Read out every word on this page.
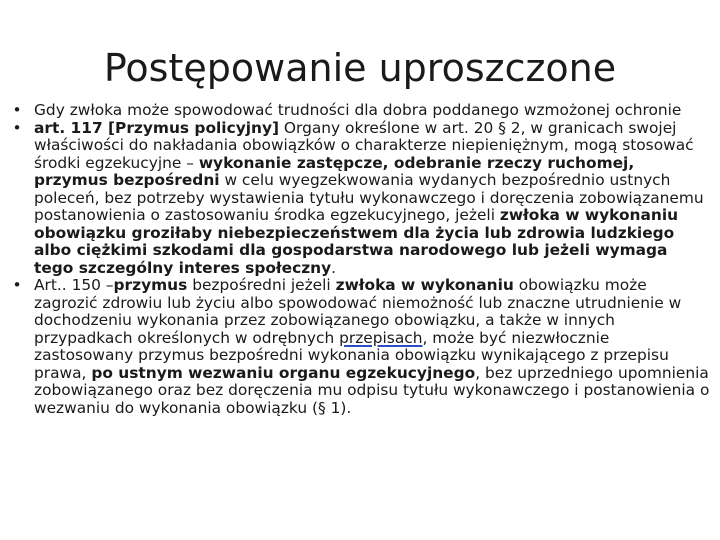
Postępowanie uproszczone
• Gdy zwłoka może spowodować trudności dla dobra poddanego wzmożonej ochronie
• art. 117 [Przymus policyjny] Organy określone w art. 20 § 2, w granicach swojej właściwości do nakładania obowiązków o charakterze niepieniężnym, mogą stosować środki egzekucyjne – wykonanie zastępcze, odebranie rzeczy ruchomej, przymus bezpośredni w celu wyegzekwowania wydanych bezpośrednio ustnych poleceń, bez potrzeby wystawienia tytułu wykonawczego i doręczenia zobowiązanemu postanowienia o zastosowaniu środka egzekucyjnego, jeżeli zwłoka w wykonaniu obowiązku groziłaby niebezpieczeństwem dla życia lub zdrowia ludzkiego albo ciężkimi szkodami dla gospodarstwa narodowego lub jeżeli wymaga tego szczególny interes społeczny.
• Art.. 150 –przymus bezpośredni jeżeli zwłoka w wykonaniu obowiązku może zagrozić zdrowiu lub życiu albo spowodować niemożność lub znaczne utrudnienie w dochodzeniu wykonania przez zobowiązanego obowiązku, a także w innych przypadkach określonych w odrębnych przepisach, może być niezwłocznie zastosowany przymus bezpośredni wykonania obowiązku wynikającego z przepisu prawa, po ustnym wezwaniu organu egzekucyjnego, bez uprzedniego upomnienia zobowiązanego oraz bez doręczenia mu odpisu tytułu wykonawczego i postanowienia o wezwaniu do wykonania obowiązku (§ 1).
